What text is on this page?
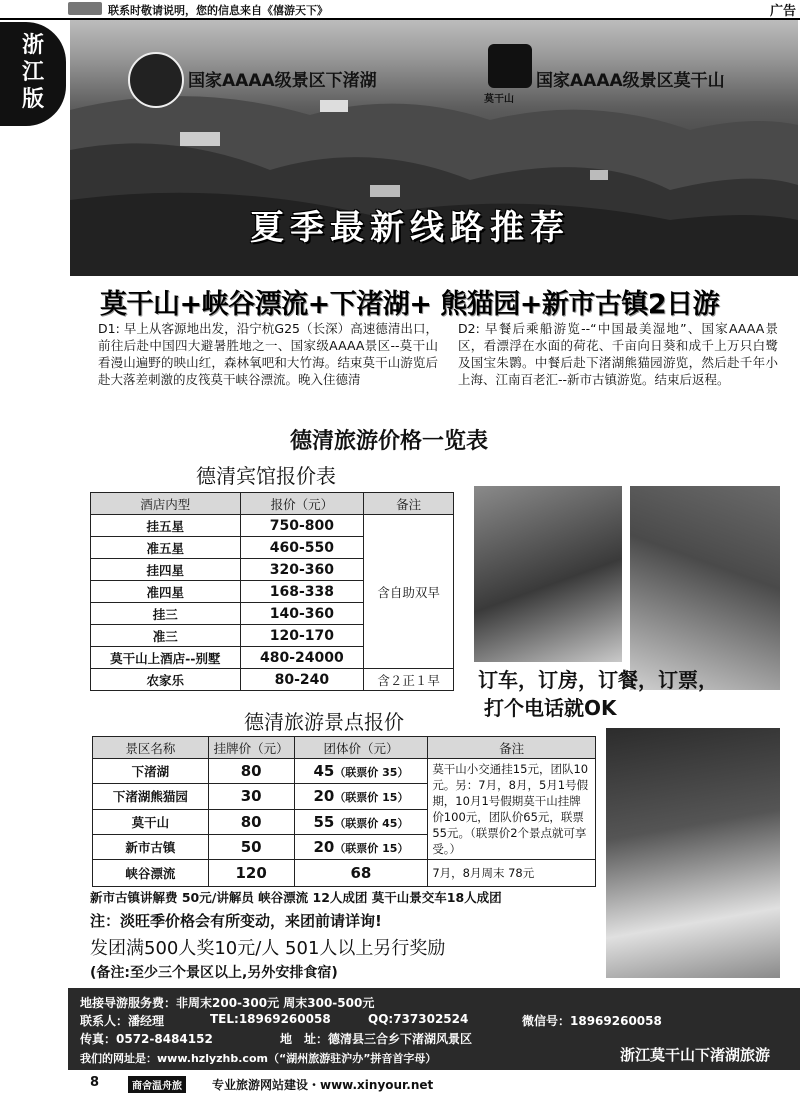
联系时敬请说明，您的信息来自《僖游天下》	广告
浙
江
版
国家AAAA级景区下渚湖
莫干山
国家AAAA级景区莫干山
夏季最新线路推荐
莫干山+峡谷漂流+下渚湖+ 熊猫园+新市古镇2日游
D1: 早上从客源地出发，沿宁杭G25（长深）高速德清出口，前往后赴中国四大避暑胜地之一、国家级AAAA景区--莫干山看漫山遍野的映山红，森林氧吧和大竹海。结束莫干山游览后赴大落差刺激的皮筏莫干峡谷漂流。晚入住德清
D2: 早餐后乘船游览--“中国最美湿地”、国家AAAA景区，看漂浮在水面的荷花、千亩向日葵和成千上万只白鹭及国宝朱鹮。中餐后赴下渚湖熊猫园游览，然后赴千年小上海、江南百老汇--新市古镇游览。结束后返程。
德清旅游价格一览表
德清宾馆报价表
酒店内型	报价（元）	备注
挂五星	750-800	含自助双早
准五星	460-550	
挂四星	320-360	
准四星	168-338	
挂三	140-360	
准三	120-170	
莫干山上酒店--别墅	480-24000	
农家乐	80-240	含２正１早 订车，订房，订餐，订票，
打个电话就OK
德清旅游景点报价
景区名称	挂牌价（元）	团体价（元）	备注
下渚湖	80	45（联票价 35）	莫干山小交通挂15元，团队10元。另：7月，8月，5月1号假期，10月1号假期莫干山挂牌价100元，团队价65元，联票55元。（联票价2个景点就可享受。）
下渚湖熊猫园	30	20（联票价 15）	
莫干山	80	55（联票价 45）	
新市古镇	50	20（联票价 15）	
峡谷漂流	120	68	7月，8月周末 78元
新市古镇讲解费 50元/讲解员 峡谷漂流 12人成团 莫干山景交车18人成团
注：淡旺季价格会有所变动，来团前请详询!
发团满500人奖10元/人 501人以上另行奖励
(备注:至少三个景区以上,另外安排食宿)
地接导游服务费：非周末200-300元 周末300-500元
联系人：潘经理	TEL:18969260058	QQ:737302524	微信号：18969260058
传真：0572-8484152	地　址：德清县三合乡下渚湖风景区
我们的网址是：www.hzlyzhb.com（“湖州旅游驻沪办”拼音首字母）	浙江莫干山下渚湖旅游
8	商舍温舟旅	专业旅游网站建设・www.xinyour.net
